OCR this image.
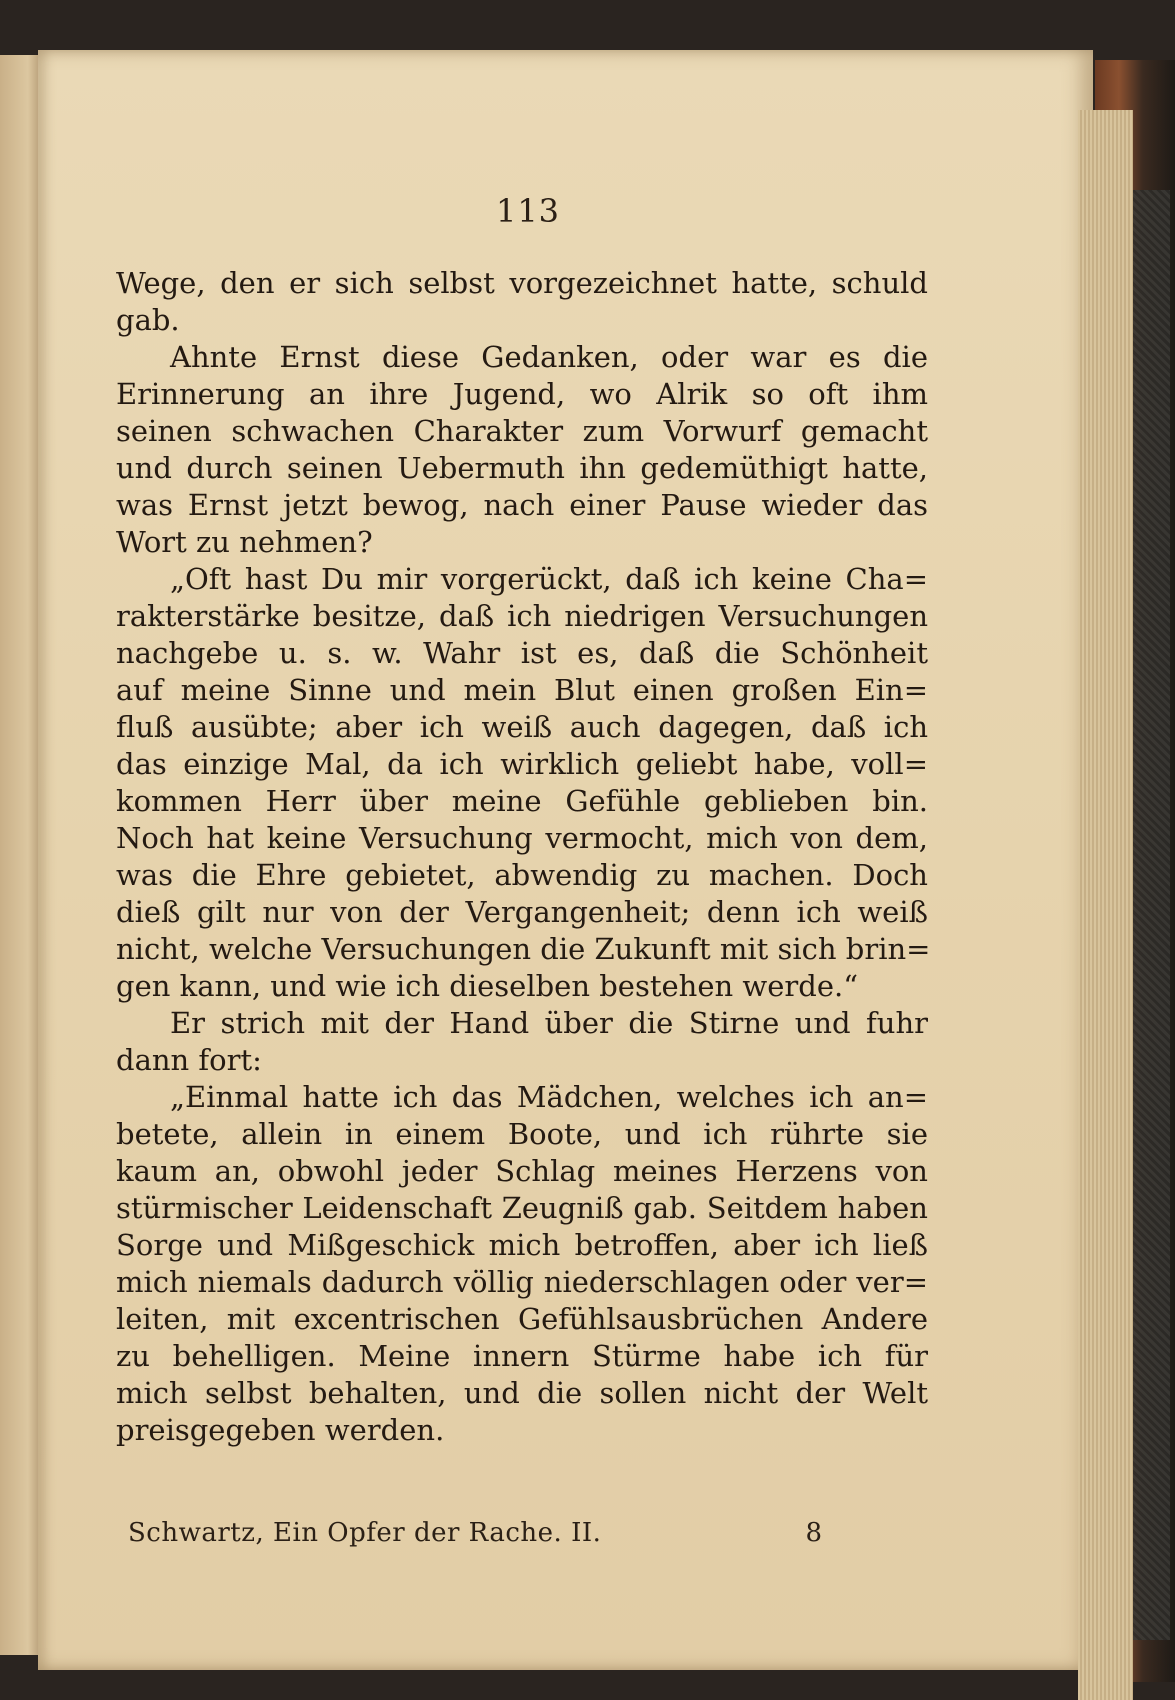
113
Wege, den er sich selbst vorgezeichnet hatte, schuld
gab.
Ahnte Ernst diese Gedanken, oder war es die
Erinnerung an ihre Jugend, wo Alrik so oft ihm
seinen schwachen Charakter zum Vorwurf gemacht
und durch seinen Uebermuth ihn gedemüthigt hatte,
was Ernst jetzt bewog, nach einer Pause wieder das
Wort zu nehmen?
„Oft hast Du mir vorgerückt, daß ich keine Cha=
rakterstärke besitze, daß ich niedrigen Versuchungen
nachgebe u. s. w. Wahr ist es, daß die Schönheit
auf meine Sinne und mein Blut einen großen Ein=
fluß ausübte; aber ich weiß auch dagegen, daß ich
das einzige Mal, da ich wirklich geliebt habe, voll=
kommen Herr über meine Gefühle geblieben bin.
Noch hat keine Versuchung vermocht, mich von dem,
was die Ehre gebietet, abwendig zu machen. Doch
dieß gilt nur von der Vergangenheit; denn ich weiß
nicht, welche Versuchungen die Zukunft mit sich brin=
gen kann, und wie ich dieselben bestehen werde.“
Er strich mit der Hand über die Stirne und fuhr
dann fort:
„Einmal hatte ich das Mädchen, welches ich an=
betete, allein in einem Boote, und ich rührte sie
kaum an, obwohl jeder Schlag meines Herzens von
stürmischer Leidenschaft Zeugniß gab. Seitdem haben
Sorge und Mißgeschick mich betroffen, aber ich ließ
mich niemals dadurch völlig niederschlagen oder ver=
leiten, mit excentrischen Gefühlsausbrüchen Andere
zu behelligen. Meine innern Stürme habe ich für
mich selbst behalten, und die sollen nicht der Welt
preisgegeben werden.
Schwartz, Ein Opfer der Rache. II.	8
